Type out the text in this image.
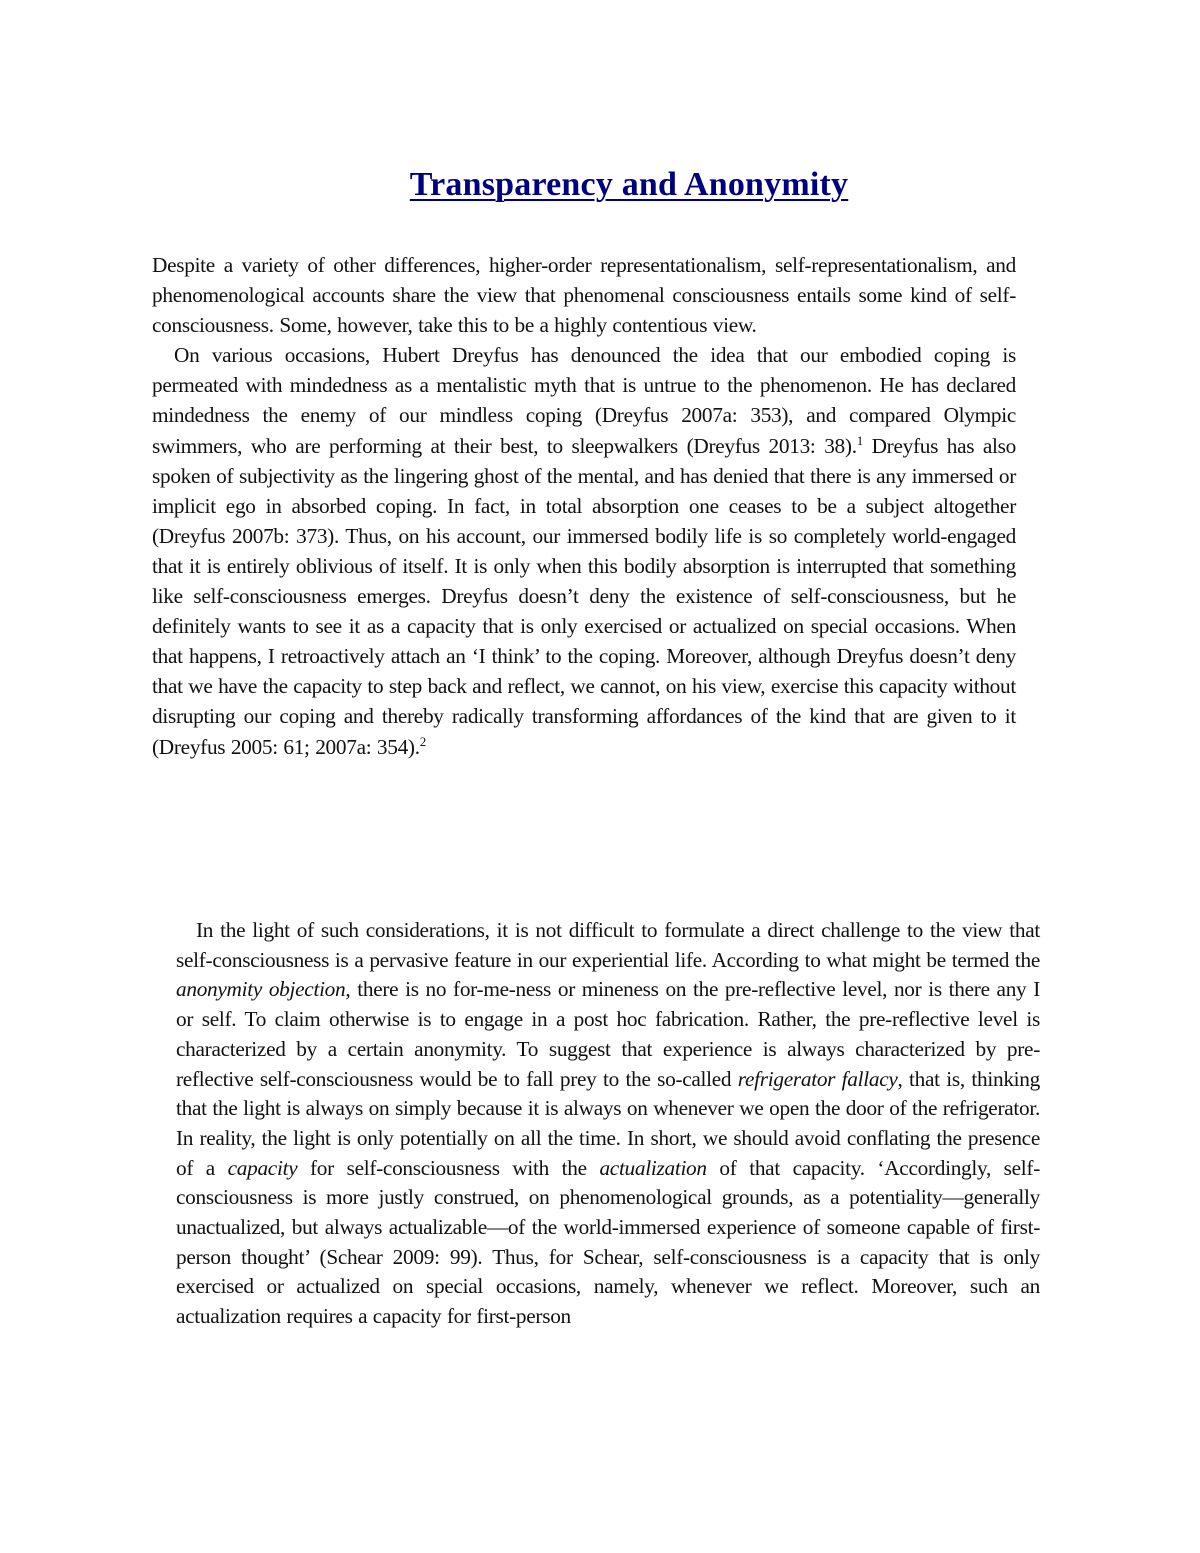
Transparency and Anonymity

Despite a variety of other differences, higher-order representationalism, self-representationalism, and phenomenological accounts share the view that phenomenal consciousness entails some kind of self-consciousness. Some, however, take this to be a highly contentious view.

On various occasions, Hubert Dreyfus has denounced the idea that our embodied coping is permeated with mindedness as a mentalistic myth that is untrue to the phenomenon. He has declared mindedness the enemy of our mindless coping (Dreyfus 2007a: 353), and compared Olympic swimmers, who are performing at their best, to sleepwalkers (Dreyfus 2013: 38).$^1$ Dreyfus has also spoken of subjectivity as the lingering ghost of the mental, and has denied that there is any immersed or implicit ego in absorbed coping. In fact, in total absorption one ceases to be a subject altogether (Dreyfus 2007b: 373). Thus, on his account, our immersed bodily life is so completely world-engaged that it is entirely oblivious of itself. It is only when this bodily absorption is interrupted that something like self-consciousness emerges. Dreyfus doesn’t deny the existence of self-consciousness, but he definitely wants to see it as a capacity that is only exercised or actualized on special occasions. When that happens, I retroactively attach an ‘I think’ to the coping. Moreover, although Dreyfus doesn’t deny that we have the capacity to step back and reflect, we cannot, on his view, exercise this capacity without disrupting our coping and thereby radically transforming affordances of the kind that are given to it (Dreyfus 2005: 61; 2007a: 354).$^2$

In the light of such considerations, it is not difficult to formulate a direct challenge to the view that self-consciousness is a pervasive feature in our experiential life. According to what might be termed the anonymity objection, there is no for-me-ness or mineness on the pre-reflective level, nor is there any I or self. To claim otherwise is to engage in a post hoc fabrication. Rather, the pre-reflective level is characterized by a certain anonymity. To suggest that experience is always characterized by pre-reflective self-consciousness would be to fall prey to the so-called refrigerator fallacy, that is, thinking that the light is always on simply because it is always on whenever we open the door of the refrigerator. In reality, the light is only potentially on all the time. In short, we should avoid conflating the presence of a capacity for self-consciousness with the actualization of that capacity. ‘Accordingly, self-consciousness is more justly construed, on phenomenological grounds, as a potentiality—generally unactualized, but always actualizable—of the world-immersed experience of someone capable of first-person thought’ (Schear 2009: 99). Thus, for Schear, self-consciousness is a capacity that is only exercised or actualized on special occasions, namely, whenever we reflect. Moreover, such an actualization requires a capacity for first-person
